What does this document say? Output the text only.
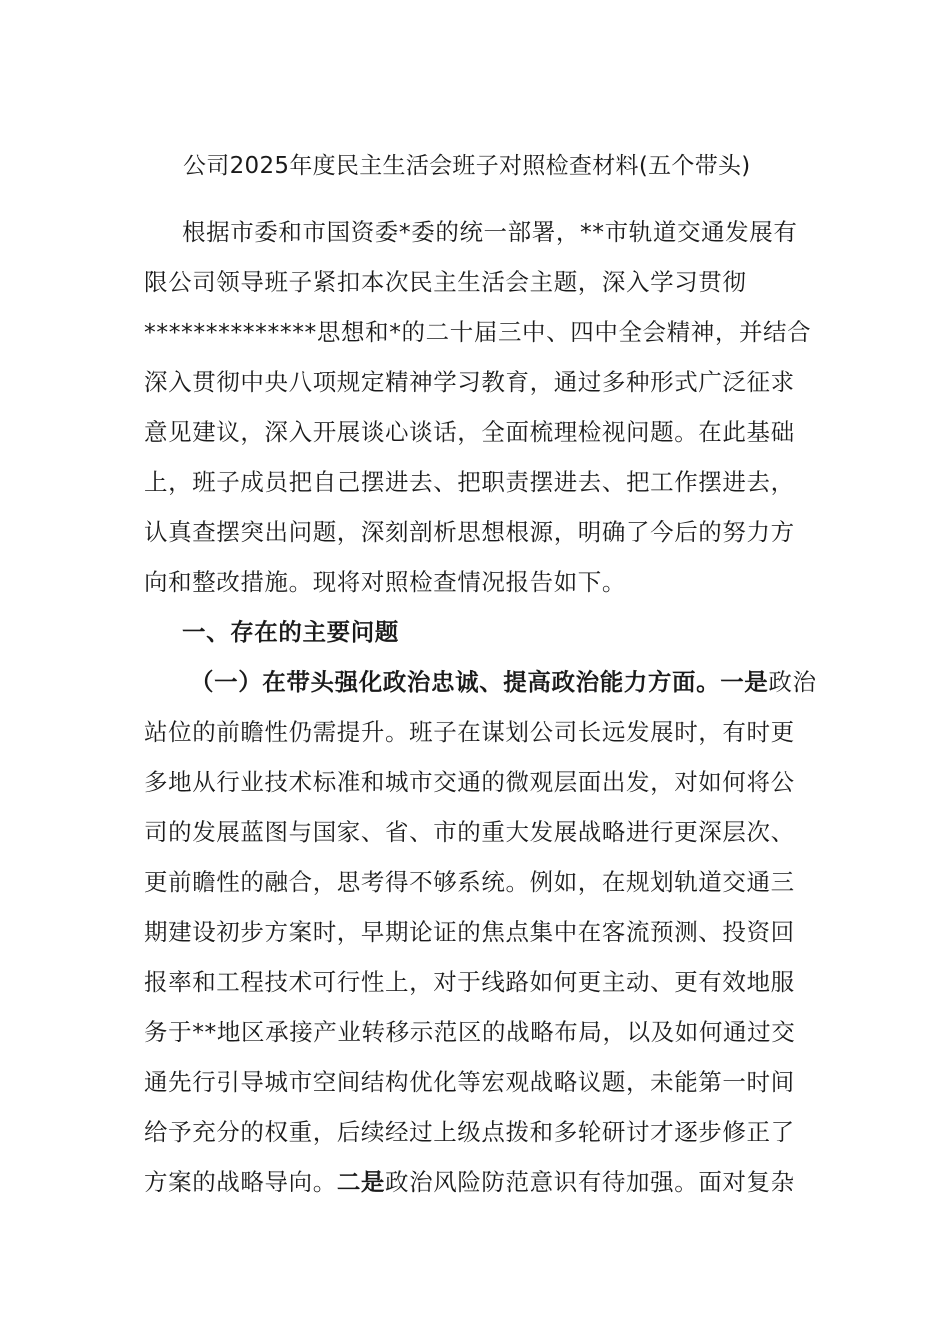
公司2025年度民主生活会班子对照检查材料(五个带头)
根据市委和市国资委*委的统一部署，**市轨道交通发展有
限公司领导班子紧扣本次民主生活会主题，深入学习贯彻
**************思想和*的二十届三中、四中全会精神，并结合
深入贯彻中央八项规定精神学习教育，通过多种形式广泛征求
意见建议，深入开展谈心谈话，全面梳理检视问题。在此基础
上，班子成员把自己摆进去、把职责摆进去、把工作摆进去，
认真查摆突出问题，深刻剖析思想根源，明确了今后的努力方
向和整改措施。现将对照检查情况报告如下。
一、存在的主要问题
（一）在带头强化政治忠诚、提高政治能力方面。一是政治
站位的前瞻性仍需提升。班子在谋划公司长远发展时，有时更
多地从行业技术标准和城市交通的微观层面出发，对如何将公
司的发展蓝图与国家、省、市的重大发展战略进行更深层次、
更前瞻性的融合，思考得不够系统。例如，在规划轨道交通三
期建设初步方案时，早期论证的焦点集中在客流预测、投资回
报率和工程技术可行性上，对于线路如何更主动、更有效地服
务于**地区承接产业转移示范区的战略布局，以及如何通过交
通先行引导城市空间结构优化等宏观战略议题，未能第一时间
给予充分的权重，后续经过上级点拨和多轮研讨才逐步修正了
方案的战略导向。二是政治风险防范意识有待加强。面对复杂
